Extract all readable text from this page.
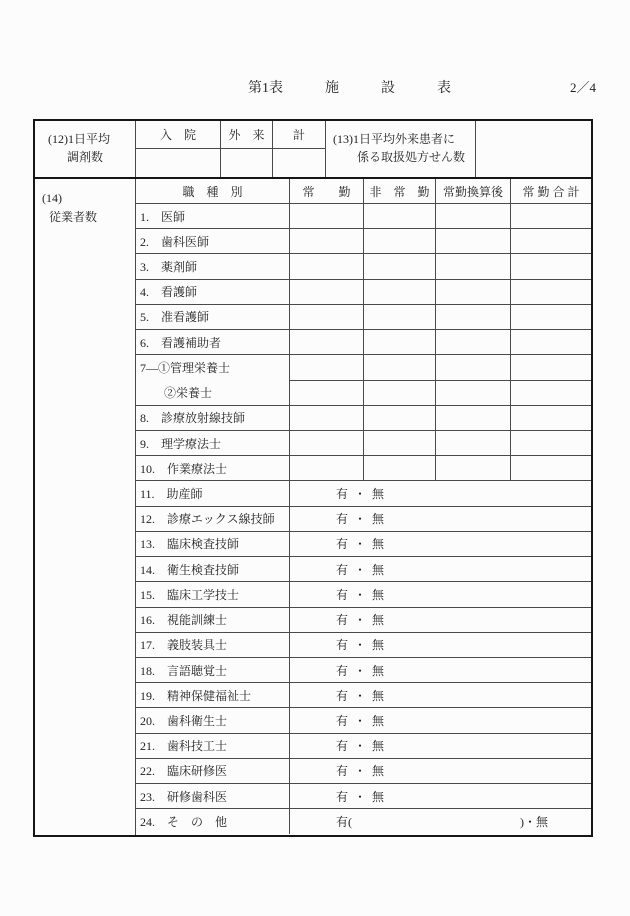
第1表　　　施　　　設　　　表	2／4
(12)1日平均
調剤数
入　院	外　来	計	(13)1日平均外来患者に
係る取扱処方せん数
(14)
従業者数
職　種　別	常　　勤	非　常　勤	常勤換算後	常 勤 合 計
1.　医師
2.　歯科医師
3.　薬剤師
4.　看護師
5.　准看護師
6.　看護補助者
7—①管理栄養士
②栄養士
8.　診療放射線技師
9.　理学療法士
10.　作業療法士
11.　助産師	有・無
12.　診療エックス線技師	有・無
13.　臨床検査技師	有・無
14.　衛生検査技師	有・無
15.　臨床工学技士	有・無
16.　視能訓練士	有・無
17.　義肢装具士	有・無
18.　言語聴覚士	有・無
19.　精神保健福祉士	有・無
20.　歯科衛生士	有・無
21.　歯科技工士	有・無
22.　臨床研修医	有・無
23.　研修歯科医	有・無
24.　そ　の　他	有(	)・無
